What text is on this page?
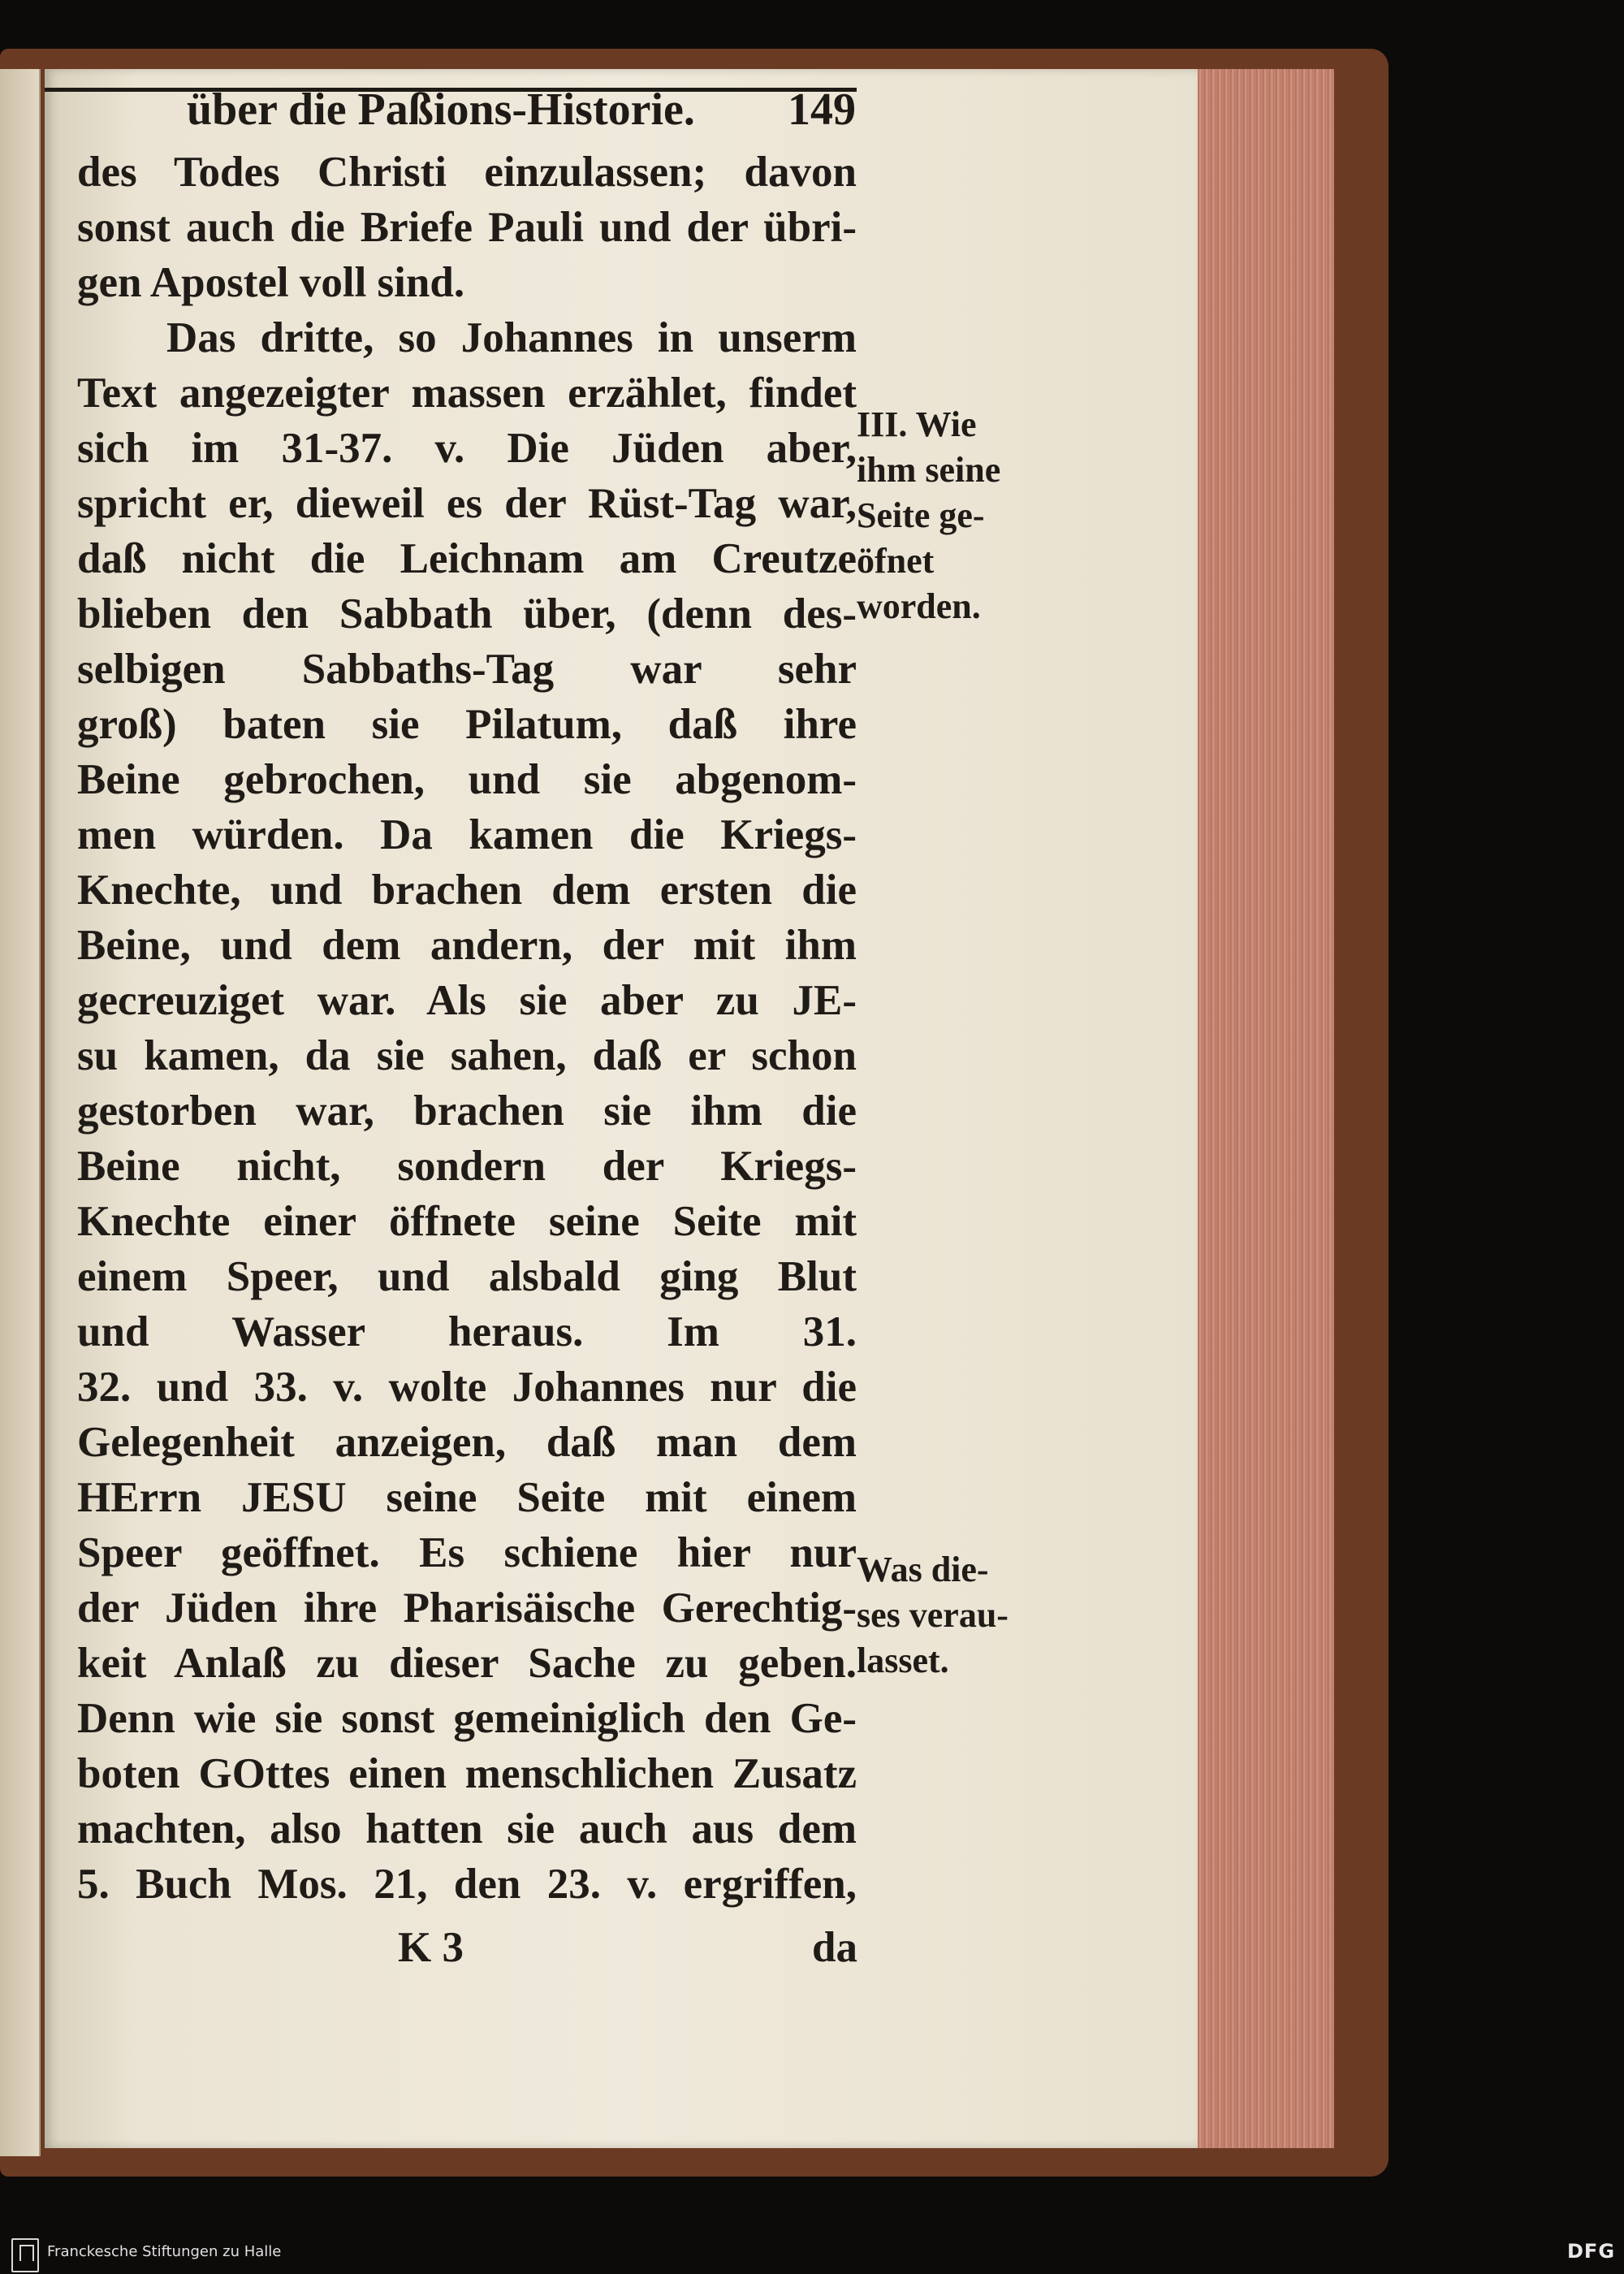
über die Paßions-Historie. 149
des Todes Christi einzulassen; davon
sonst auch die Briefe Pauli und der übri-
gen Apostel voll sind.
Das dritte, so Johannes in unserm
Text angezeigter massen erzählet, findet
sich im 31-37. v. Die Jüden aber,
spricht er, dieweil es der Rüst-Tag war,
daß nicht die Leichnam am Creutze
blieben den Sabbath über, (denn des-
selbigen Sabbaths-Tag war sehr
groß) baten sie Pilatum, daß ihre
Beine gebrochen, und sie abgenom-
men würden. Da kamen die Kriegs-
Knechte, und brachen dem ersten die
Beine, und dem andern, der mit ihm
gecreuziget war. Als sie aber zu JE-
su kamen, da sie sahen, daß er schon
gestorben war, brachen sie ihm die
Beine nicht, sondern der Kriegs-
Knechte einer öffnete seine Seite mit
einem Speer, und alsbald ging Blut
und Wasser heraus. Im 31.
32. und 33. v. wolte Johannes nur die
Gelegenheit anzeigen, daß man dem
HErrn JESU seine Seite mit einem
Speer geöffnet. Es schiene hier nur
der Jüden ihre Pharisäische Gerechtig-
keit Anlaß zu dieser Sache zu geben.
Denn wie sie sonst gemeiniglich den Ge-
boten GOttes einen menschlichen Zusatz
machten, also hatten sie auch aus dem
5. Buch Mos. 21, den 23. v. ergriffen,
III. Wie
ihm seine
Seite ge-
öfnet
worden.
Was die-
ses verau-
lasset.
K 3	da
Franckesche Stiftungen zu Halle	DFG
